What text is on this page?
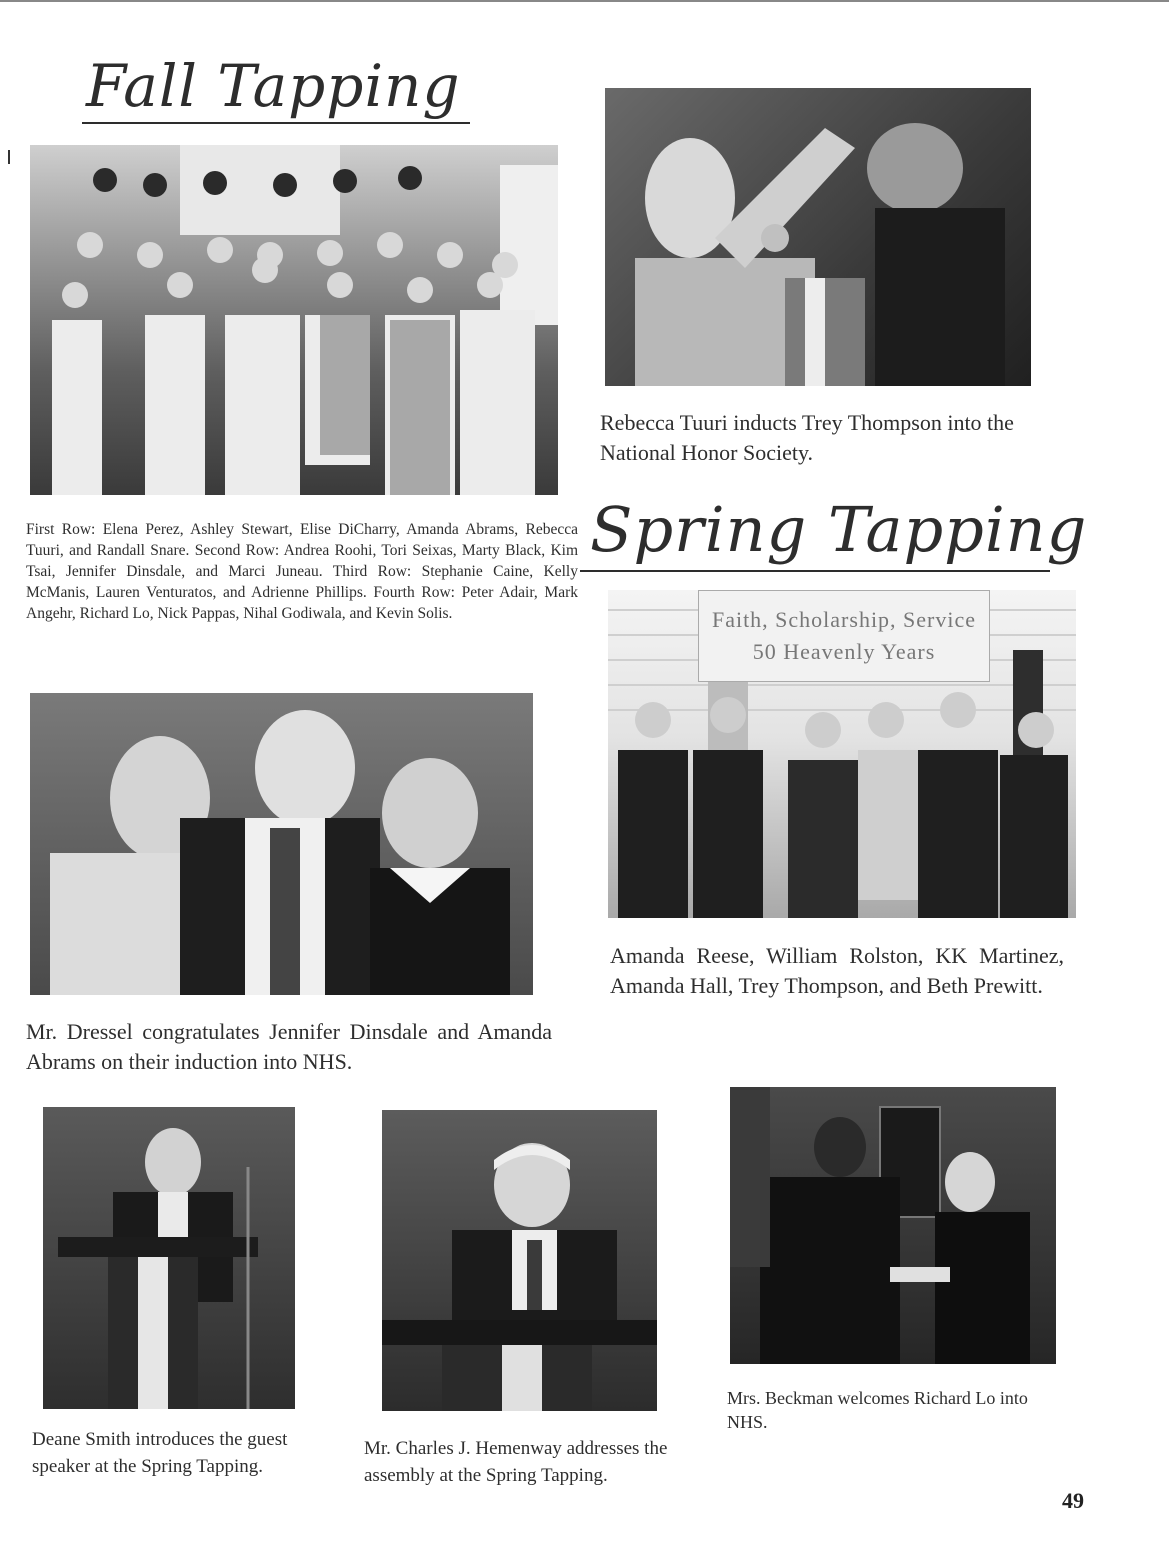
Fall Tapping
First Row: Elena Perez, Ashley Stewart, Elise DiCharry, Amanda Abrams, Rebecca Tuuri, and Randall Snare. Second Row: Andrea Roohi, Tori Seixas, Marty Black, Kim Tsai, Jennifer Dinsdale, and Marci Juneau. Third Row: Stephanie Caine, Kelly McManis, Lauren Venturatos, and Adrienne Phillips. Fourth Row: Peter Adair, Mark Angehr, Richard Lo, Nick Pappas, Nihal Godiwala, and Kevin Solis.
Rebecca Tuuri inducts Trey Thompson into the National Honor Society.
Spring Tapping
Faith, Scholarship, Service
50 Heavenly Years
Amanda Reese, William Rolston, KK Martinez, Amanda Hall, Trey Thompson, and Beth Prewitt.
Mr. Dressel congratulates Jennifer Dinsdale and Amanda Abrams on their induction into NHS.
Deane Smith introduces the guest speaker at the Spring Tapping.
Mr. Charles J. Hemenway addresses the assembly at the Spring Tapping.
Mrs. Beckman welcomes Richard Lo into NHS.
49
